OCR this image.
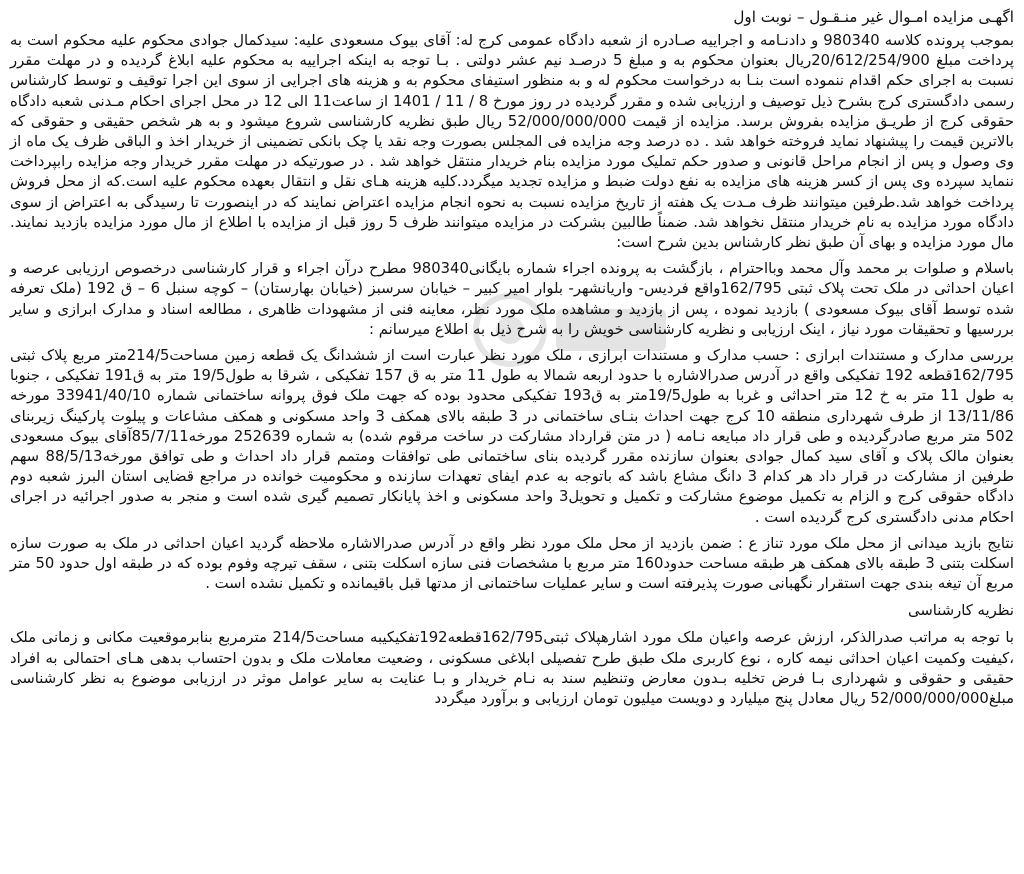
اگهـی مزایده امـوال غیر منـقـول – نوبت اول

بموجب پرونده کلاسه 980340 و دادنـامه و اجراییه صـادره از شعبه دادگاه عمومی کرج له: آقای بیوک مسعودی علیه: سیدکمال جوادی محکوم علیه محکوم است به پرداخت مبلغ 20/612/254/900ریال بعنوان محکوم به و مبلغ 5 درصـد نیم عشر دولتی . بـا توجه به اینکه اجراییه به محکوم علیه ابلاغ گردیده و در مهلت مقرر نسبت به اجرای حکم اقدام ننموده است بنـا به درخواست محکوم له و به منظور استیفای محکوم به و هزینه های اجرایی از سوی این اجرا توقیف و توسط کارشناس رسمی دادگستری کرج بشرح ذیل توصیف و ارزیابی شده و مقرر گردیده در روز مورخ 8 / 11 / 1401 از ساعت11 الی 12 در محل اجرای احکام مـدنی شعبه دادگاه حقوقی کرج از طریـق مزایده بفروش برسد. مزایده از قیمت 52/000/000/000 ریال طبق نظریه کارشناسی شروع میشود و به هر شخص حقیقی و حقوقی که بالاترین قیمت را پیشنهاد نماید فروخته خواهد شد . ده درصد وجه مزایده فی المجلس بصورت وجه نقد یا چک بانکی تضمینی از خریدار اخذ و الباقی ظرف یک ماه از وی وصول و پس از انجام مراحل قانونی و صدور حکم تملیک مورد مزایده بنام خریدار منتقل خواهد شد . در صورتیکه در مهلت مقرر خریدار وجه مزایده رابپرداخت ننماید سپرده وی پس از کسر هزینه های مزایده به نفع دولت ضبط و مزایده تجدید میگردد.کلیه هزینه هـای نقل و انتقال بعهده محکوم علیه است.که از محل فروش پرداخت خواهد شد.طرفین میتوانند ظرف مـدت یک هفته از تاریخ مزایده نسبت به نحوه انجام مزایده اعتراض نمایند که در اینصورت تا رسیدگی به اعتراض از سوی دادگاه مورد مزایده به نام خریدار منتقل نخواهد شد. ضمناً طالبین بشرکت در مزایده میتوانند ظرف 5 روز قبل از مزایده با اطلاع از مال مورد مزایده بازدید نمایند. مال مورد مزایده و بهای آن طبق نظر کارشناس بدین شرح است:

باسلام و صلوات بر محمد وآل محمد وبااحترام ، بازگشت به پرونده اجراء شماره بایگانی980340 مطرح درآن اجراء و قرار کارشناسی درخصوص ارزیابی عرصه و اعیان احداثی در ملک تحت پلاک ثبتی 162/795واقع فردیس- واریانشهر- بلوار امیر کبیر – خیابان سرسبز (خیابان بهارستان) – کوچه سنبل 6 – ق 192 (ملک تعرفه شده توسط آقای بیوک مسعودی ) بازدید نموده ، پس از بازدید و مشاهده ملک مورد نظر، معاینه فنی از مشهودات ظاهری ، مطالعه اسناد و مدارک ابرازی و سایر بررسیها و تحقیقات مورد نیاز ، اینک ارزیابی و نظریه کارشناسی خویش را به شرح ذیل به اطلاع میرسانم :

بررسی مدارک و مستندات ابرازی : حسب مدارک و مستندات ابرازی ، ملک مورد نظر عبارت است از ششدانگ یک قطعه زمین مساحت214/5متر مربع پلاک ثبتی 162/795قطعه 192 تفکیکی واقع در آدرس صدرالاشاره با حدود اربعه شمالا به طول 11 متر به ق 157 تفکیکی ، شرقا به طول19/5 متر به ق191 تفکیکی ، جنوبا به طول 11 متر به خ 12 متر احداثی و غربا به طول19/5متر به ق193 تفکیکی محدود بوده که جهت ملک فوق پروانه ساختمانی شماره 33941/40/10 مورخه 13/11/86 از طرف شهرداری منطقه 10 کرج جهت احداث بنـای ساختمانی در 3 طبقه بالای همکف 3 واحد مسکونی و همکف مشاعات و پیلوت پارکینگ زیربنای 502 متر مربع صادرگردیده و طی قرار داد مبایعه نـامه ( در متن قرارداد مشارکت در ساخت مرقوم شده) به شماره 252639 مورخه85/7/11آقای بیوک مسعودی بعنوان مالک پلاک و آقای سید کمال جوادی بعنوان سازنده مقرر گردیده بنای ساختمانی طی توافقات ومتمم قرار داد احداث و طی توافق مورخه88/5/13 سهم طرفین از مشارکت در قرار داد هر کدام 3 دانگ مشاع باشد که باتوجه به عدم ایفای تعهدات سازنده و محکومیت خوانده در مراجع قضایی استان البرز شعبه دوم دادگاه حقوقی کرج و الزام به تکمیل موضوع مشارکت و تکمیل و تحویل3 واحد مسکونی و اخذ پایانکار تصمیم گیری شده است و منجر به صدور اجرائیه در اجرای احکام مدنی دادگستری کرج گردیده است .

نتایج بازید میدانی از محل ملک مورد تناز ع : ضمن بازدید از محل ملک مورد نظر واقع در آدرس صدرالاشاره ملاحظه گردید اعیان احداثی در ملک به صورت سازه اسکلت بتنی 3 طبقه بالای همکف هر طبقه مساحت حدود160 متر مربع با مشخصات فنی سازه اسکلت بتنی ، سقف تیرچه وفوم بوده که در طبقه اول حدود 50 متر مربع آن تیغه بندی جهت استقرار نگهبانی صورت پذیرفته است و سایر عملیات ساختمانی از مدتها قبل باقیمانده و تکمیل نشده است .

نظریه کارشناسی

با توجه به مراتب صدرالذکر، ارزش عرصه واعیان ملک مورد اشارهپلاک ثبتی162/795قطعه192تفکیکیبه مساحت214/5 مترمربع بنابرموقعیت مکانی و زمانی ملک ،کیفیت وکمیت اعیان احداثی نیمه کاره ، نوع کاربری ملک طبق طرح تفصیلی ابلاغی مسکونی ، وضعیت معاملات ملک و بدون احتساب بدهی هـای احتمالی به افراد حقیقی و حقوقی و شهرداری بـا فرض تخلیه بـدون معارض وتنظیم سند به نـام خریدار و بـا عنایت به سایر عوامل موثر در ارزیابی موضوع به نظر کارشناسی مبلغ52/000/000/000 ریال معادل پنج میلیارد و دویست میلیون تومان ارزیابی و برآورد میگردد
